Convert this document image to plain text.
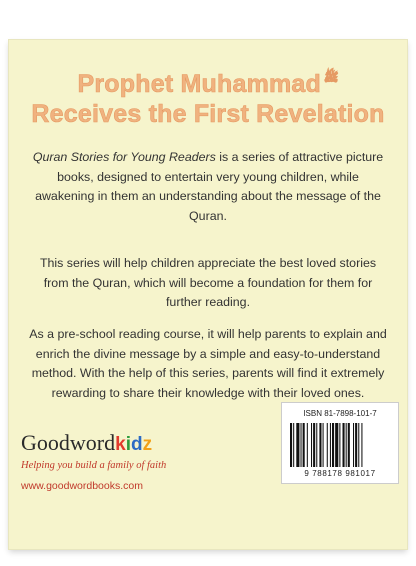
Prophet Muhammad $^ﷺ$
Receives the First Revelation
Quran Stories for Young Readers is a series of attractive picture books, designed to entertain very young children, while awakening in them an understanding about the message of the Quran.
This series will help children appreciate the best loved stories from the Quran, which will become a foundation for them for further reading.
As a pre-school reading course, it will help parents to explain and enrich the divine message by a simple and easy-to-understand method. With the help of this series, parents will find it extremely rewarding to share their knowledge with their loved ones.
Goodwordkidz
Helping you build a family of faith
www.goodwordbooks.com
ISBN 81-7898-101-7
9 788178 981017
